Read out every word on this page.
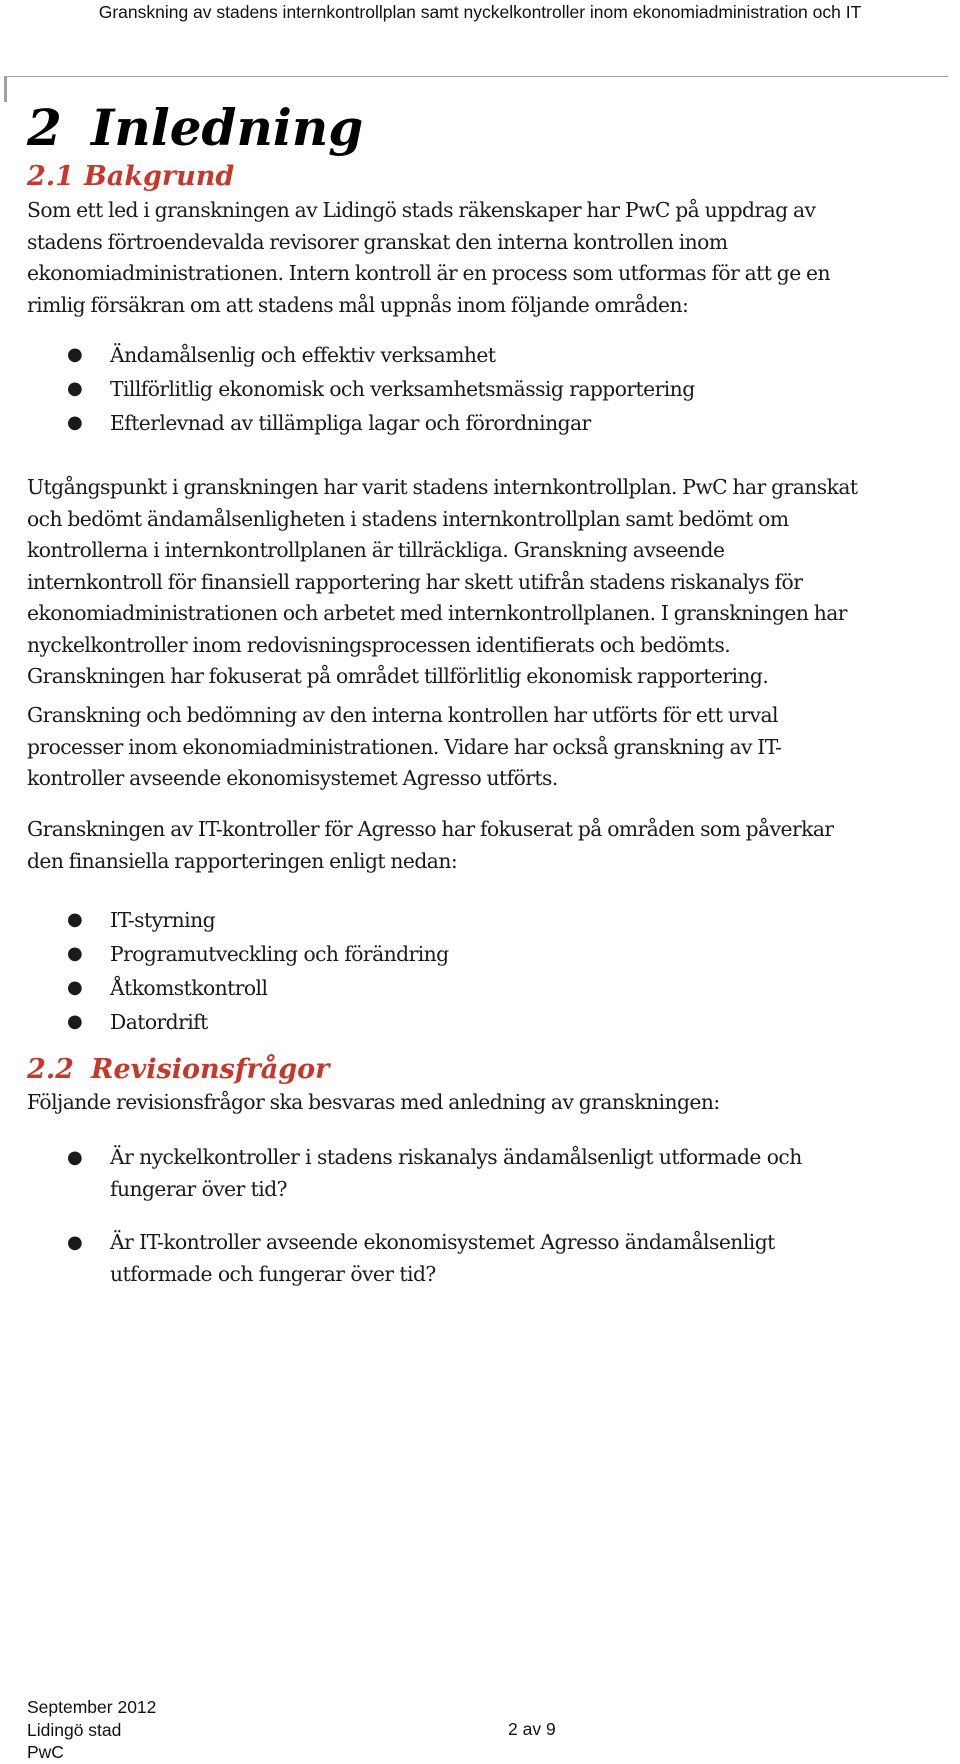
Granskning av stadens internkontrollplan samt nyckelkontroller inom ekonomiadministration och IT
2 Inledning
2.1 Bakgrund
Som ett led i granskningen av Lidingö stads räkenskaper har PwC på uppdrag av
stadens förtroendevalda revisorer granskat den interna kontrollen inom
ekonomiadministrationen. Intern kontroll är en process som utformas för att ge en
rimlig försäkran om att stadens mål uppnås inom följande områden:
● Ändamålsenlig och effektiv verksamhet
● Tillförlitlig ekonomisk och verksamhetsmässig rapportering
● Efterlevnad av tillämpliga lagar och förordningar
Utgångspunkt i granskningen har varit stadens internkontrollplan. PwC har granskat
och bedömt ändamålsenligheten i stadens internkontrollplan samt bedömt om
kontrollerna i internkontrollplanen är tillräckliga. Granskning avseende
internkontroll för finansiell rapportering har skett utifrån stadens riskanalys för
ekonomiadministrationen och arbetet med internkontrollplanen. I granskningen har
nyckelkontroller inom redovisningsprocessen identifierats och bedömts.
Granskningen har fokuserat på området tillförlitlig ekonomisk rapportering.
Granskning och bedömning av den interna kontrollen har utförts för ett urval
processer inom ekonomiadministrationen. Vidare har också granskning av IT-
kontroller avseende ekonomisystemet Agresso utförts.
Granskningen av IT-kontroller för Agresso har fokuserat på områden som påverkar
den finansiella rapporteringen enligt nedan:
● IT-styrning
● Programutveckling och förändring
● Åtkomstkontroll
● Datordrift
2.2 Revisionsfrågor
Följande revisionsfrågor ska besvaras med anledning av granskningen:
● Är nyckelkontroller i stadens riskanalys ändamålsenligt utformade och
fungerar över tid?
● Är IT-kontroller avseende ekonomisystemet Agresso ändamålsenligt
utformade och fungerar över tid?
September 2012
Lidingö stad
PwC
2 av 9
